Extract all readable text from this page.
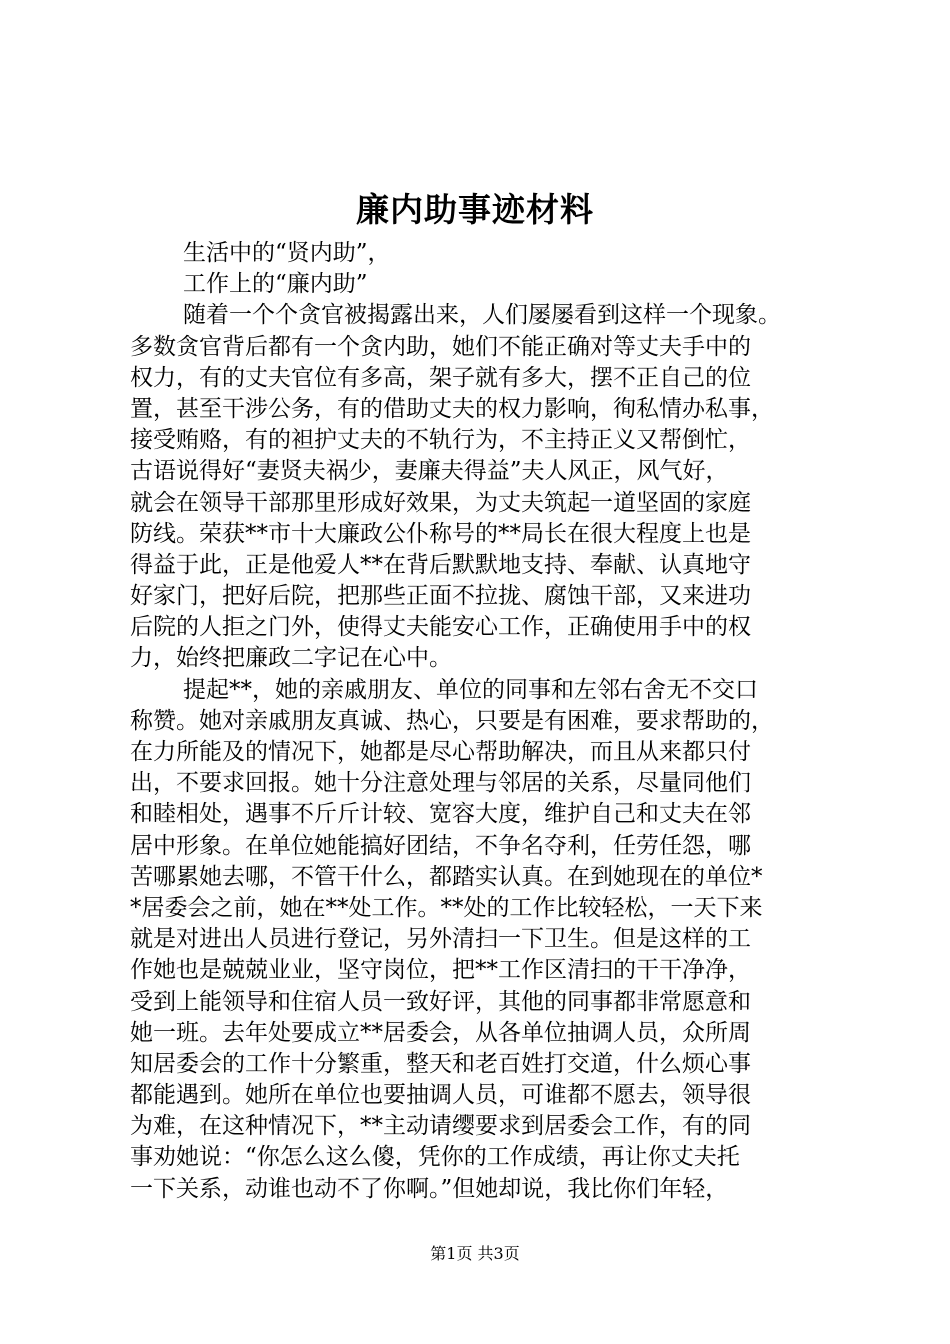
廉内助事迹材料
生活中的“贤内助”，
工作上的“廉内助”
随着一个个贪官被揭露出来，人们屡屡看到这样一个现象。
多数贪官背后都有一个贪内助，她们不能正确对等丈夫手中的
权力，有的丈夫官位有多高，架子就有多大，摆不正自己的位
置，甚至干涉公务，有的借助丈夫的权力影响，徇私情办私事，
接受贿赂，有的袒护丈夫的不轨行为，不主持正义又帮倒忙，
古语说得好“妻贤夫祸少，妻廉夫得益”夫人风正，风气好，
就会在领导干部那里形成好效果，为丈夫筑起一道坚固的家庭
防线。荣获**市十大廉政公仆称号的**局长在很大程度上也是
得益于此，正是他爱人**在背后默默地支持、奉献、认真地守
好家门，把好后院，把那些正面不拉拢、腐蚀干部，又来进功
后院的人拒之门外，使得丈夫能安心工作，正确使用手中的权
力，始终把廉政二字记在心中。
提起**，她的亲戚朋友、单位的同事和左邻右舍无不交口
称赞。她对亲戚朋友真诚、热心，只要是有困难，要求帮助的，
在力所能及的情况下，她都是尽心帮助解决，而且从来都只付
出，不要求回报。她十分注意处理与邻居的关系，尽量同他们
和睦相处，遇事不斤斤计较、宽容大度，维护自己和丈夫在邻
居中形象。在单位她能搞好团结，不争名夺利，任劳任怨，哪
苦哪累她去哪，不管干什么，都踏实认真。在到她现在的单位*
*居委会之前，她在**处工作。**处的工作比较轻松，一天下来
就是对进出人员进行登记，另外清扫一下卫生。但是这样的工
作她也是兢兢业业，坚守岗位，把**工作区清扫的干干净净，
受到上能领导和住宿人员一致好评，其他的同事都非常愿意和
她一班。去年处要成立**居委会，从各单位抽调人员，众所周
知居委会的工作十分繁重，整天和老百姓打交道，什么烦心事
都能遇到。她所在单位也要抽调人员，可谁都不愿去，领导很
为难，在这种情况下，**主动请缨要求到居委会工作，有的同
事劝她说：“你怎么这么傻，凭你的工作成绩，再让你丈夫托
一下关系，动谁也动不了你啊。”但她却说，我比你们年轻，
第1页 共3页
